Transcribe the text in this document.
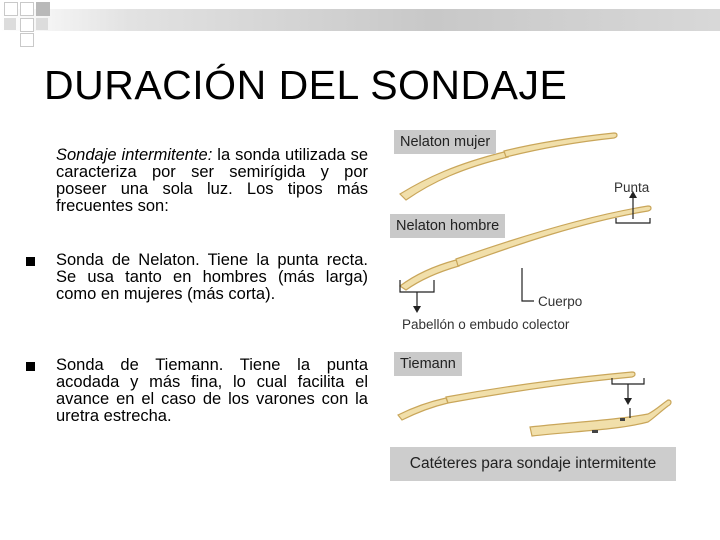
DURACIÓN DEL SONDAJE
Sondaje intermitente: la sonda utilizada se caracteriza por ser semirígida y por poseer una sola luz. Los tipos más frecuentes son:
Sonda de Nelaton. Tiene la punta recta. Se usa tanto en hombres (más larga) como en mujeres (más corta).
Sonda de Tiemann. Tiene la punta acodada y más fina, lo cual facilita el avance en el caso de los varones con la uretra estrecha.
Nelaton mujer
Punta
Nelaton hombre
Cuerpo
Pabellón o embudo colector
Tiemann
Catéteres para sondaje intermitente
